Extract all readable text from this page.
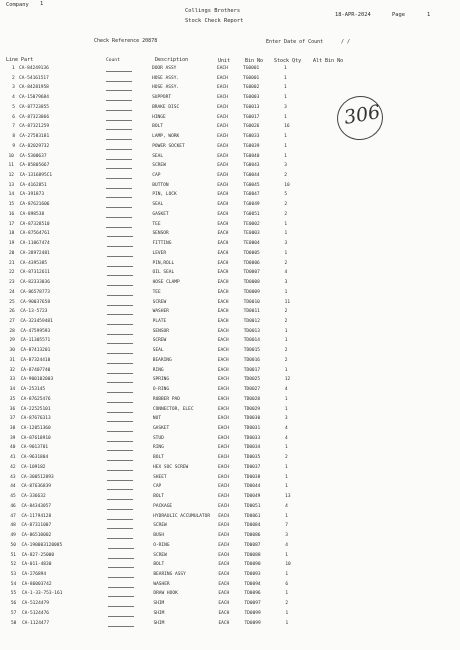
Company 1
Collings Brothers
18-APR-2024	Page	1
Stock Check Report
Check Reference 20878	Enter Date of Count	/ /
Line Part	Count	Description	Unit	Bin No Stock Qty Alt Bin No
306
1 CA-84249136	DOOR ASSY	EACH	TG0001	1
2 CA-54161517	HOSE ASSY.	EACH	TG0001	1
3 CA-84281958	HOSE ASSY.	EACH	TG0002	1
4 CA-15079684	SUPPORT	EACH	TG0003	1
5 CA-87723855	BRAKE DISC	EACH	TG0013	3
6 CA-87323066	HINGE	EACH	TG0017	1
7 CA-87321259	BOLT	EACH	TG0026	16
8 CA-27583181	LAMP, WORK	EACH	TG0033	1
9 CA-82029732	POWER SOCKET	EACH	TG0039	1
10 CA-5300637	SEAL	EACH	TG0040	1
11 CA-85805667	SCREW	EACH	TG0043	3
12 CA-1316895C1	CAP	EACH	TG0044	2
13 CA-4162851	BUTTON	EACH	TG0045	10
14 CA-391873	PIN, LOCK	EACH	TG0047	5
15 CA-87621606	SEAL	EACH	TG0049	2
16 CA-898538	GASKET	EACH	TG0051	2
17 CA-87328510	TEE	EACH	TE0002	1
18 CA-87564761	SENSOR	EACH	TE0003	1
19 CA-11067474	FITTING	EACH	TE0004	3
20 CA-28972481	LEVER	EACH	TD0005	1
21 CA-4395385	PIN,ROLL	EACH	TD0006	2
22 CA-87312611	OIL SEAL	EACH	TD0007	4
23 CA-82333036	HOSE CLAMP	EACH	TD0008	3
24 CA-86578773	TEE	EACH	TD0009	1
25 CA-90037658	SCREW	EACH	TD0010	11
26 CA-13-5723	WASHER	EACH	TD0011	2
27 CA-323459481	PLATE	EACH	TD0012	2
28 CA-47599593	SENSOR	EACH	TD0013	1
29 CA-11305571	SCREW	EACH	TD0014	1
30 CA-87413201	SEAL	EACH	TD0015	2
31 CA-87324410	BEARING	EACH	TD0016	2
32 CA-87407740	RING	EACH	TD0017	1
33 CA-900102003	SPRING	EACH	TD0025	12
34 CA-253145	O-RING	EACH	TD0027	4
35 CA-87625476	RUBBER PAD	EACH	TD0028	1
36 CA-22525101	CONNECTOR, ELEC	EACH	TD0029	1
37 CA-87676313	NUT	EACH	TD0030	3
38 CA-12051360	GASKET	EACH	TD0031	4
39 CA-87618910	STUD	EACH	TD0033	4
40 CA-9013701	RING	EACH	TD0034	1
41 CA-9631804	BOLT	EACH	TD0035	2
42 CA-109182	HEX SOC SCREW	EACH	TD0037	1
43 CA-300512893	SHEET	EACH	TD0038	1
44 CA-87636839	CAP	EACH	TD0044	1
45 CA-336632	BOLT	EACH	TD0049	13
46 CA-84343057	PACKAGE	EACH	TD0051	4
47 CA-11794128	HYDRAULIC ACCUMULATOR EACH	TD0061	1
48 CA-87311007	SCREW	EACH	TD0084	7
49 CA-86510002	BUSH	EACH	TD0086	3
50 CA-190003120085	O-RING	EACH	TD0087	4
51 CA-827-25000	SCREW	EACH	TD0088	1
52 CA-011-4830	BOLT	EACH	TD0090	10
53 CA-276894	BEARING ASSY	EACH	TD0093	1
54 CA-86003742	WASHER	EACH	TD0094	6
55 CA-1-33-753-161	DRAW HOOK	EACH	TD0096	1
56 CA-5124479	SHIM	EACH	TD0097	2
57 CA-5124476	SHIM	EACH	TD0099	1
58 CA-1124477	SHIM	EACH	TD0099	1
